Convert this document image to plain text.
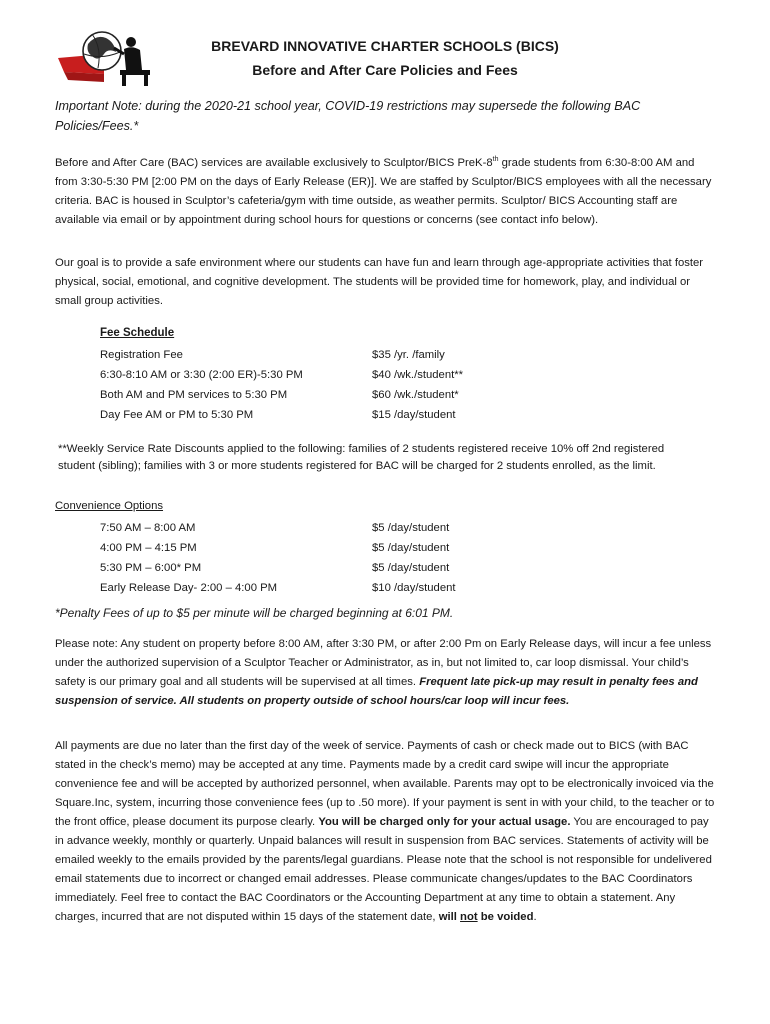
BREVARD INNOVATIVE CHARTER SCHOOLS (BICS)
Before and After Care Policies and Fees

Important Note: during the 2020-21 school year, COVID-19 restrictions may supersede the following BAC Policies/Fees.*

Before and After Care (BAC) services are available exclusively to Sculptor/BICS PreK-8th grade students from 6:30-8:00 AM and from 3:30-5:30 PM [2:00 PM on the days of Early Release (ER)]. We are staffed by Sculptor/BICS employees with all the necessary criteria. BAC is housed in Sculptor’s cafeteria/gym with time outside, as weather permits. Sculptor/ BICS Accounting staff are available via email or by appointment during school hours for questions or concerns (see contact info below).

Our goal is to provide a safe environment where our students can have fun and learn through age-appropriate activities that foster physical, social, emotional, and cognitive development. The students will be provided time for homework, play, and individual or small group activities.

Fee Schedule
Registration Fee	$35 /yr. /family
6:30-8:10 AM or 3:30 (2:00 ER)-5:30 PM	$40 /wk./student**
Both AM and PM services to 5:30 PM	$60 /wk./student*
Day Fee AM or PM to 5:30 PM	$15 /day/student

**Weekly Service Rate Discounts applied to the following: families of 2 students registered receive 10% off 2nd registered student (sibling); families with 3 or more students registered for BAC will be charged for 2 students enrolled, as the limit.

Convenience Options
7:50 AM – 8:00 AM	$5 /day/student
4:00 PM – 4:15 PM	$5 /day/student
5:30 PM – 6:00* PM	$5 /day/student
Early Release Day- 2:00 – 4:00 PM	$10 /day/student

*Penalty Fees of up to $5 per minute will be charged beginning at 6:01 PM.

Please note: Any student on property before 8:00 AM, after 3:30 PM, or after 2:00 Pm on Early Release days, will incur a fee unless under the authorized supervision of a Sculptor Teacher or Administrator, as in, but not limited to, car loop dismissal. Your child’s safety is our primary goal and all students will be supervised at all times. Frequent late pick-up may result in penalty fees and suspension of service. All students on property outside of school hours/car loop will incur fees.

All payments are due no later than the first day of the week of service. Payments of cash or check made out to BICS (with BAC stated in the check’s memo) may be accepted at any time. Payments made by a credit card swipe will incur the appropriate convenience fee and will be accepted by authorized personnel, when available. Parents may opt to be electronically invoiced via the Square.Inc, system, incurring those convenience fees (up to .50 more). If your payment is sent in with your child, to the teacher or to the front office, please document its purpose clearly. You will be charged only for your actual usage. You are encouraged to pay in advance weekly, monthly or quarterly. Unpaid balances will result in suspension from BAC services. Statements of activity will be emailed weekly to the emails provided by the parents/legal guardians. Please note that the school is not responsible for undelivered email statements due to incorrect or changed email addresses. Please communicate changes/updates to the BAC Coordinators immediately. Feel free to contact the BAC Coordinators or the Accounting Department at any time to obtain a statement. Any charges, incurred that are not disputed within 15 days of the statement date, will not be voided.
